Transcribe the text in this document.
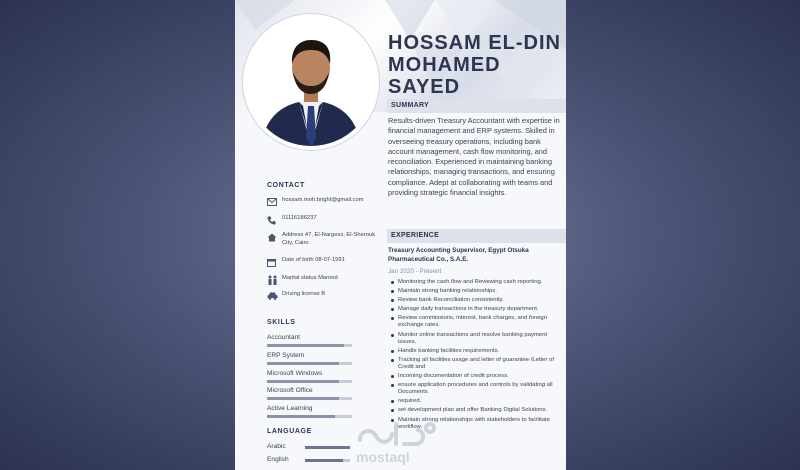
HOSSAM EL-DIN
MOHAMED
SAYED
SUMMARY
Results-driven Treasury Accountant with expertise in financial management and ERP systems. Skilled in overseeing treasury operations, including bank account management, cash flow monitoring, and reconciliation. Experienced in maintaining banking relationships, managing transactions, and ensuring compliance. Adept at collaborating with teams and providing strategic financial insights.
EXPERIENCE
Treasury Accounting Supervisor, Egypt Otsuka Pharmaceutical Co., S.A.E.
Jan 2020 - Present
Monitoring the cash flow and Reviewing cash reporting.
Maintain strong banking relationships.
Review bank Reconciliation consistently.
Manage daily transactions in the treasury department.
Review commissions, interest, bank charges, and foreign exchange rates.
Monitor online transactions and resolve banking payment issues.
Handle banking facilities requirements.
Tracking all facilities usage and letter of guarantee /Letter of Credit and
Incoming documentation of credit process.
ensure application procedures and controls by validating all Documents
required.
set development plan and offer Banking Digital Solutions.
Maintain strong relationships with stakeholders to facilitate workflow.
CONTACT
hossam.moh.bright@gmail.com
01116186237
Address 47, El-Nargess, El-Sherouk City, Cairo
Date of birth 08-07-1991
Marital status Married
Driving license B
SKILLS
Accountant
ERP System
Microsoft Windows
Microsoft Office
Active Learning
LANGUAGE
Arabic
English	mostaql
